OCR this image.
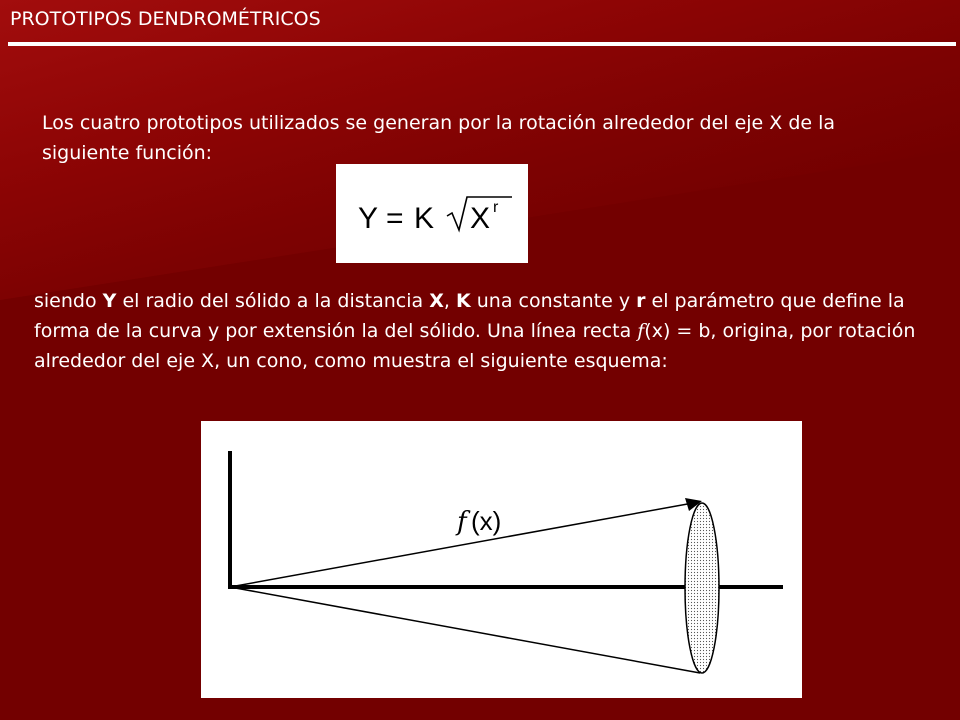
PROTOTIPOS DENDROMÉTRICOS
Los cuatro prototipos utilizados se generan por la rotación alrededor del eje X de la siguiente función:
Y = K X r
siendo Y el radio del sólido a la distancia X, K una constante y r el parámetro que define la forma de la curva y por extensión la del sólido. Una línea recta f(x) = b, origina, por rotación alrededor del eje X, un cono, como muestra el siguiente esquema:
f (x)
